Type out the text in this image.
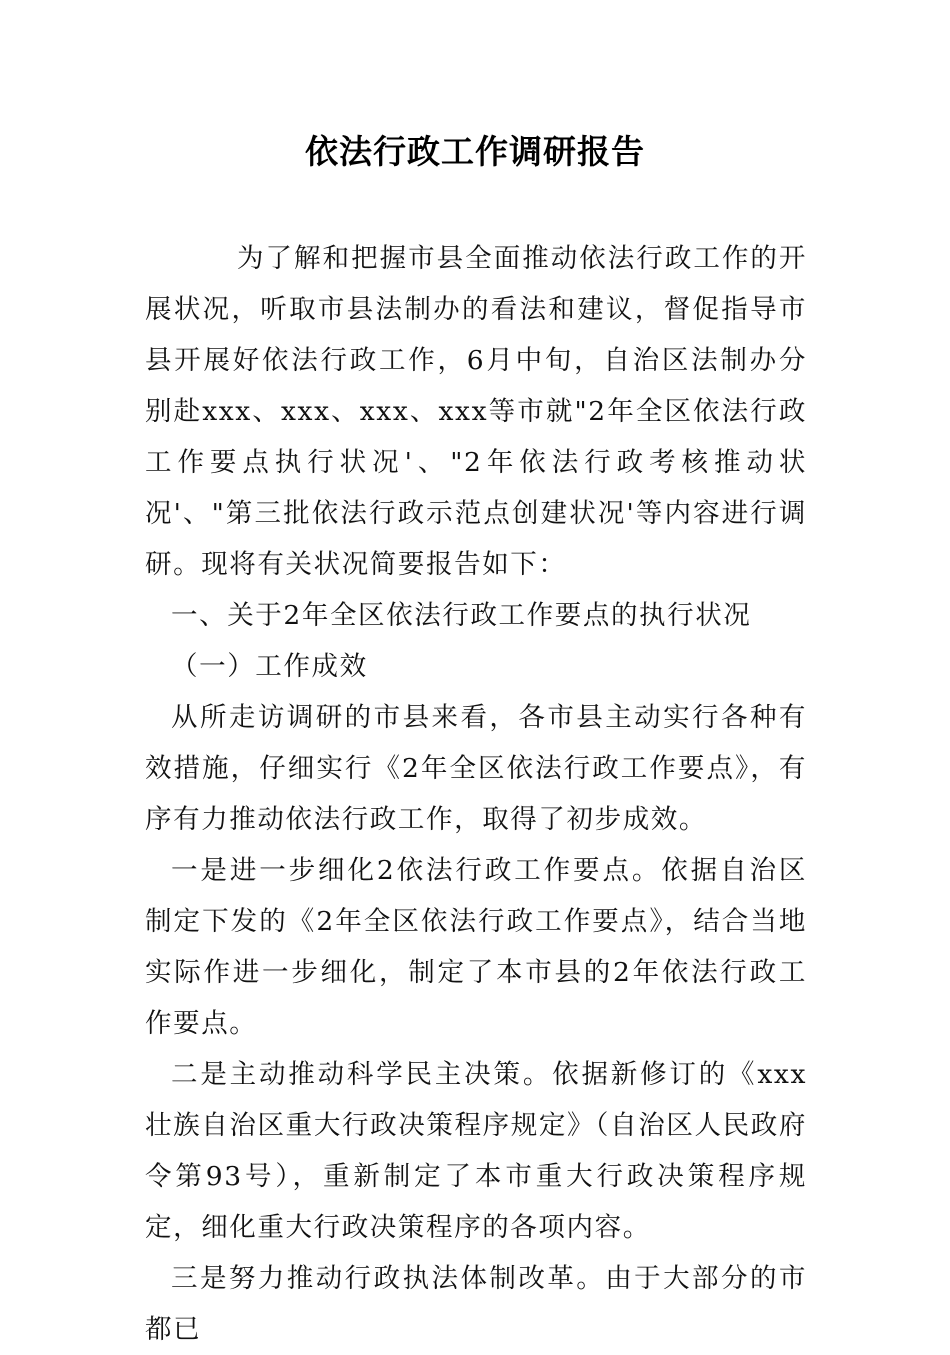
依法行政工作调研报告

为了解和把握市县全面推动依法行政工作的开展状况，听取市县法制办的看法和建议，督促指导市县开展好依法行政工作，6月中旬，自治区法制办分别赴xxx、xxx、xxx、xxx等市就"2年全区依法行政工作要点执行状况'、"2年依法行政考核推动状况'、"第三批依法行政示范点创建状况'等内容进行调研。现将有关状况简要报告如下：

一、关于2年全区依法行政工作要点的执行状况

（一）工作成效

从所走访调研的市县来看，各市县主动实行各种有效措施，仔细实行《2年全区依法行政工作要点》，有序有力推动依法行政工作，取得了初步成效。

一是进一步细化2依法行政工作要点。依据自治区制定下发的《2年全区依法行政工作要点》，结合当地实际作进一步细化，制定了本市县的2年依法行政工作要点。

二是主动推动科学民主决策。依据新修订的《xxx壮族自治区重大行政决策程序规定》（自治区人民政府令第93号），重新制定了本市重大行政决策程序规定，细化重大行政决策程序的各项内容。

三是努力推动行政执法体制改革。由于大部分的市都已
